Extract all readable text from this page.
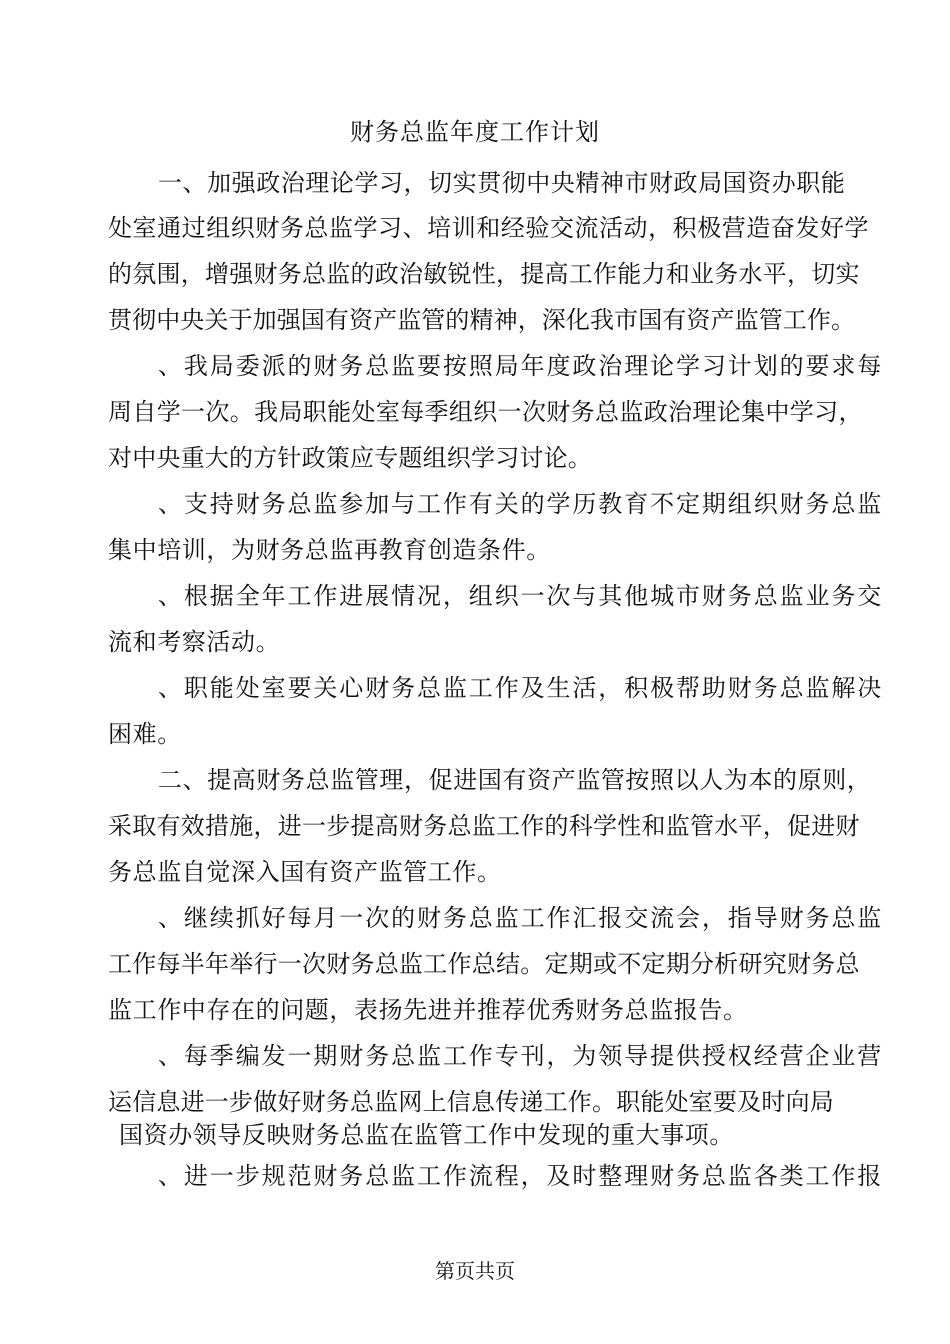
财务总监年度工作计划
一、加强政治理论学习，切实贯彻中央精神市财政局国资办职能
处室通过组织财务总监学习、培训和经验交流活动，积极营造奋发好学
的氛围，增强财务总监的政治敏锐性，提高工作能力和业务水平，切实
贯彻中央关于加强国有资产监管的精神，深化我市国有资产监管工作。
、我局委派的财务总监要按照局年度政治理论学习计划的要求每
周自学一次。我局职能处室每季组织一次财务总监政治理论集中学习，
对中央重大的方针政策应专题组织学习讨论。
、支持财务总监参加与工作有关的学历教育不定期组织财务总监
集中培训，为财务总监再教育创造条件。
、根据全年工作进展情况，组织一次与其他城市财务总监业务交
流和考察活动。
、职能处室要关心财务总监工作及生活，积极帮助财务总监解决
困难。
二、提高财务总监管理，促进国有资产监管按照以人为本的原则，
采取有效措施，进一步提高财务总监工作的科学性和监管水平，促进财
务总监自觉深入国有资产监管工作。
、继续抓好每月一次的财务总监工作汇报交流会，指导财务总监
工作每半年举行一次财务总监工作总结。定期或不定期分析研究财务总
监工作中存在的问题，表扬先进并推荐优秀财务总监报告。
、每季编发一期财务总监工作专刊，为领导提供授权经营企业营
运信息进一步做好财务总监网上信息传递工作。职能处室要及时向局
国资办领导反映财务总监在监管工作中发现的重大事项。
、进一步规范财务总监工作流程，及时整理财务总监各类工作报
第页共页
